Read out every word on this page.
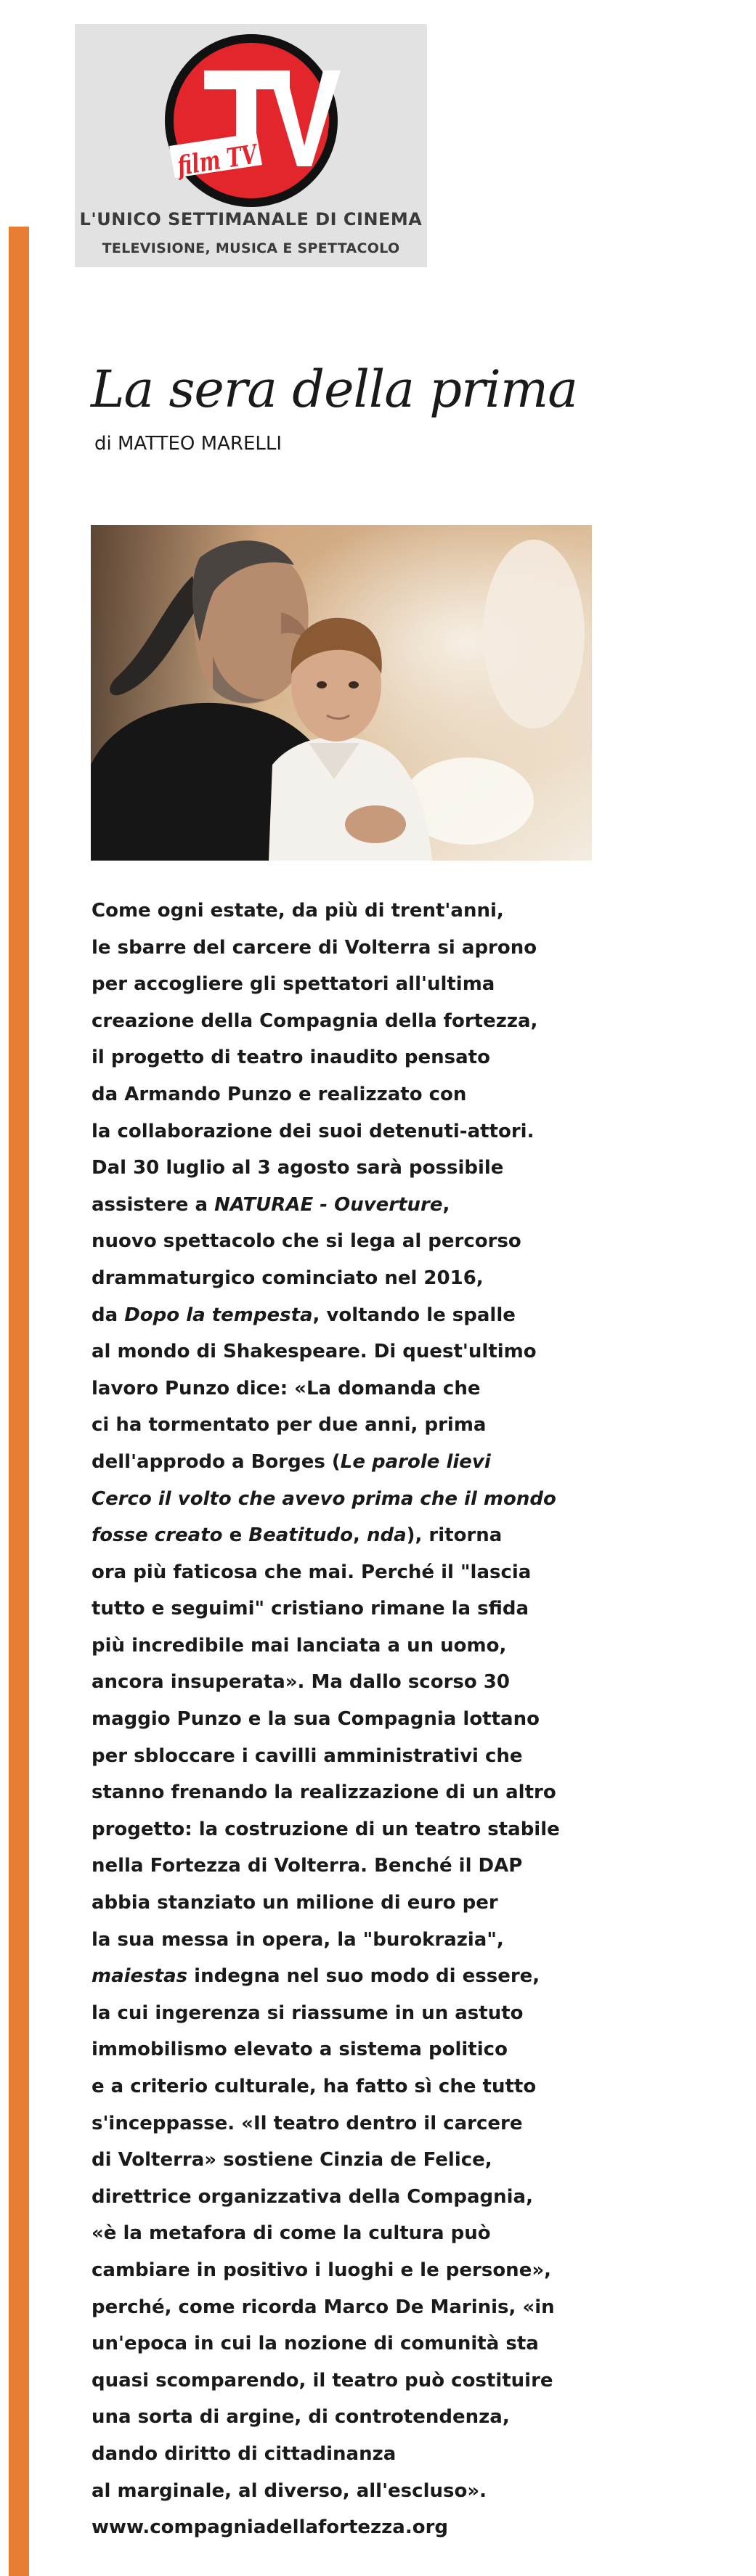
film TV
L'UNICO SETTIMANALE DI CINEMA
TELEVISIONE, MUSICA E SPETTACOLO
La sera della prima
di MATTEO MARELLI
Come ogni estate, da più di trent'anni,
le sbarre del carcere di Volterra si aprono
per accogliere gli spettatori all'ultima
creazione della Compagnia della fortezza,
il progetto di teatro inaudito pensato
da Armando Punzo e realizzato con
la collaborazione dei suoi detenuti-attori.
Dal 30 luglio al 3 agosto sarà possibile
assistere a NATURAE - Ouverture,
nuovo spettacolo che si lega al percorso
drammaturgico cominciato nel 2016,
da Dopo la tempesta, voltando le spalle
al mondo di Shakespeare. Di quest'ultimo
lavoro Punzo dice: «La domanda che
ci ha tormentato per due anni, prima
dell'approdo a Borges (Le parole lievi
Cerco il volto che avevo prima che il mondo
fosse creato e Beatitudo, nda), ritorna
ora più faticosa che mai. Perché il "lascia
tutto e seguimi" cristiano rimane la sfida
più incredibile mai lanciata a un uomo,
ancora insuperata». Ma dallo scorso 30
maggio Punzo e la sua Compagnia lottano
per sbloccare i cavilli amministrativi che
stanno frenando la realizzazione di un altro
progetto: la costruzione di un teatro stabile
nella Fortezza di Volterra. Benché il DAP
abbia stanziato un milione di euro per
la sua messa in opera, la "burokrazia",
maiestas indegna nel suo modo di essere,
la cui ingerenza si riassume in un astuto
immobilismo elevato a sistema politico
e a criterio culturale, ha fatto sì che tutto
s'inceppasse. «Il teatro dentro il carcere
di Volterra» sostiene Cinzia de Felice,
direttrice organizzativa della Compagnia,
«è la metafora di come la cultura può
cambiare in positivo i luoghi e le persone»,
perché, come ricorda Marco De Marinis, «in
un'epoca in cui la nozione di comunità sta
quasi scomparendo, il teatro può costituire
una sorta di argine, di controtendenza,
dando diritto di cittadinanza
al marginale, al diverso, all'escluso».
www.compagniadellafortezza.org
